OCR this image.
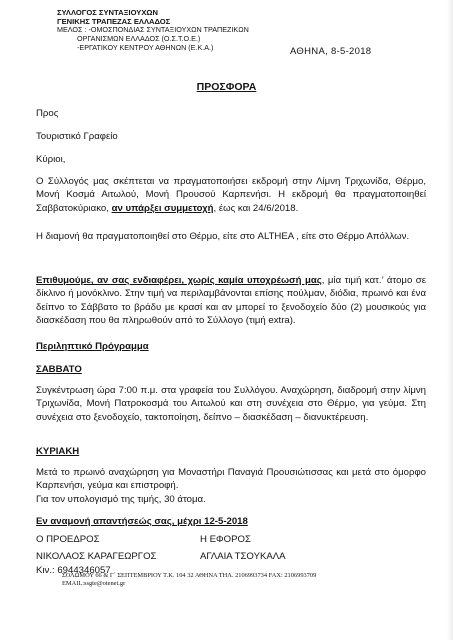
ΣΥΛΛΟΓΟΣ ΣΥΝΤΑΞΙΟΥΧΩΝ
ΓΕΝΙΚΗΣ ΤΡΑΠΕΖΑΣ ΕΛΛΑΔΟΣ
ΜΕΛΟΣ : -ΟΜΟΣΠΟΝΔΙΑΣ ΣΥΝΤΑΞΙΟΥΧΩΝ ΤΡΑΠΕΖΙΚΩΝ
ΟΡΓΑΝΙΣΜΩΝ ΕΛΛΑΔΟΣ (Ο.Σ.Τ.Ο.Ε.)
-ΕΡΓΑΤΙΚΟΥ ΚΕΝΤΡΟΥ ΑΘΗΝΩΝ (Ε.Κ.Α.)	ΑΘΗΝΑ, 8-5-2018
ΠΡΟΣΦΟΡΑ
Προς
Τουριστικό Γραφείο
Κύριοι,
Ο Σύλλογός μας σκέπτεται να πραγματοποιήσει εκδρομή στην Λίμνη Τριχωνίδα, Θέρμο, Μονή Κοσμά Αιτωλού, Μονή Προυσού Καρπενήσι. Η εκδρομή θα πραγματοποιηθεί Σαββατοκύριακο, αν υπάρξει συμμετοχή, έως και 24/6/2018.
Η διαμονή θα πραγματοποιηθεί στο Θέρμο, είτε στο ALTHEA , είτε στο Θέρμο Απόλλων.
Επιθυμούμε, αν σας ενδιαφέρει, χωρίς καμία υποχρέωσή μας, μία τιμή κατ.’ άτομο σε δίκλινο ή μονόκλινο. Στην τιμή να περιλαμβάνονται επίσης πούλμαν, διόδια, πρωινό και ένα δείπνο το Σάββατο το βράδυ με κρασί και αν μπορεί το ξενοδοχείο δύο (2) μουσικούς για διασκέδαση που θα πληρωθούν από το Σύλλογο (τιμή extra).
Περιληπτικό Πρόγραμμα
ΣΑΒΒΑΤΟ
Συγκέντρωση ώρα 7:00 π.μ. στα γραφεία του Συλλόγου. Αναχώρηση, διαδρομή στην λίμνη Τριχωνίδα, Μονή Πατροκοσμά του Αιτωλού και στη συνέχεια στο Θέρμο, για γεύμα. Στη συνέχεια στο ξενοδοχείο, τακτοποίηση, δείπνο – διασκέδαση – διανυκτέρευση.
ΚΥΡΙΑΚΗ
Μετά το πρωινό αναχώρηση για Μοναστήρι Παναγιά Προυσιώτισσας και μετά στο όμορφο Καρπενήσι, γεύμα και επιστροφή.
Για τον υπολογισμό της τιμής, 30 άτομα.
Εν αναμονή απαντήσεώς σας, μέχρι 12-5-2018
Ο ΠΡΟΕΔΡΟΣ	Η ΕΦΟΡΟΣ
ΝΙΚΟΛΑΟΣ ΚΑΡΑΓΕΩΡΓΟΣ	ΑΓΛΑΙΑ ΤΣΟΥΚΑΛΑ
Κιν.: 6944346057
ΣΟΛΩΜΟΥ 66 & Γ΄ ΣΕΠΤΕΜΒΡΙΟΥ Τ.Κ. 104 32 ΑΘΗΝΑ ΤΗΛ. 2106993734 FAX: 2106993709
EMAIL:ssgte@otenet.gr
